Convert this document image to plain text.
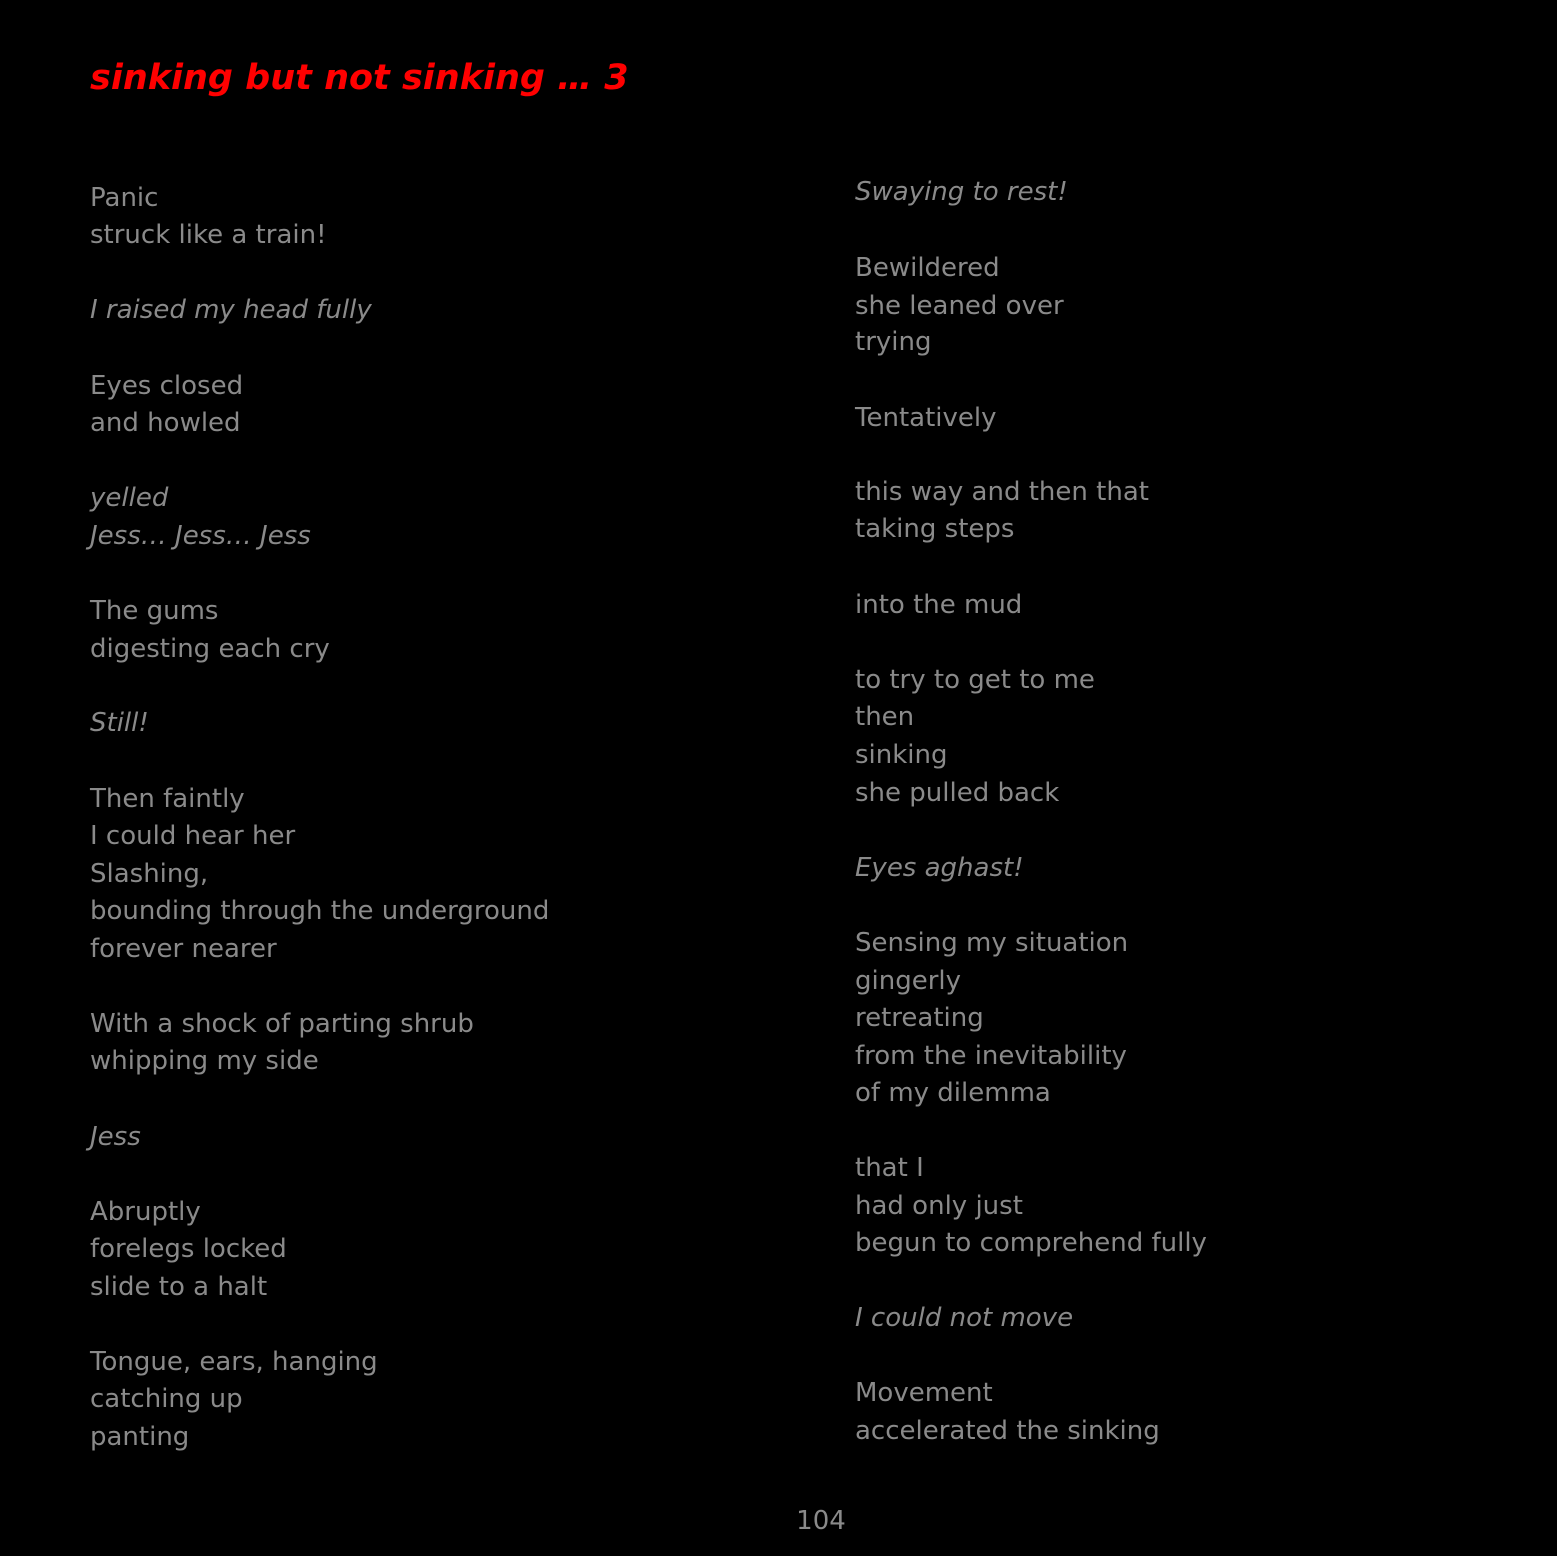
sinking but not sinking … 3

Panic

struck like a train!

I raised my head fully

Eyes closed

and howled

yelled

Jess… Jess… Jess

The gums

digesting each cry

Still!

Then faintly

I could hear her

Slashing,

bounding through the underground

forever nearer

With a shock of parting shrub

whipping my side

Jess

Abruptly

forelegs locked

slide to a halt

Tongue, ears, hanging

catching up

panting

Swaying to rest!

Bewildered

she leaned over

trying

Tentatively

this way and then that

taking steps

into the mud

to try to get to me

then

sinking

she pulled back

Eyes aghast!

Sensing my situation

gingerly

retreating

from the inevitability

of my dilemma

that I

had only just

begun to comprehend fully

I could not move

Movement

accelerated the sinking

104
